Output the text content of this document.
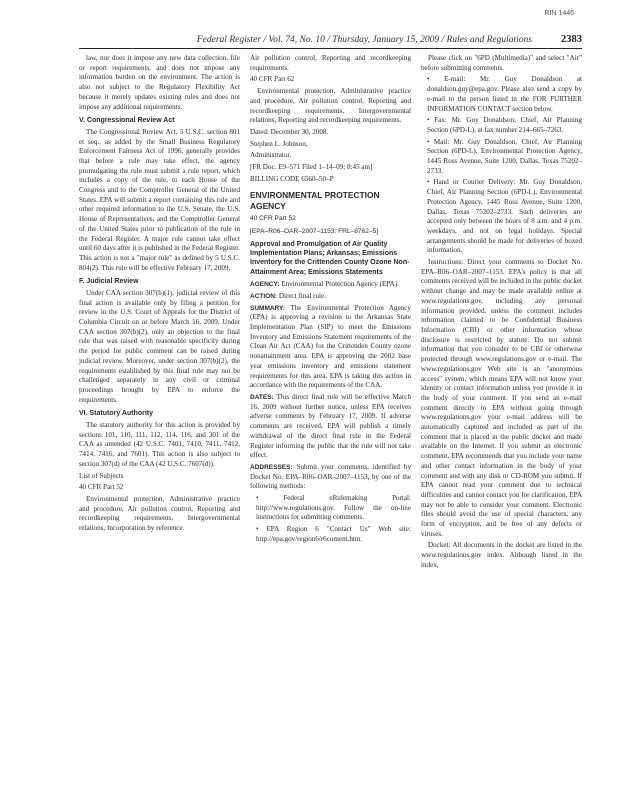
RIN 1446
Federal Register / Vol. 74, No. 10 / Thursday, January 15, 2009 / Rules and Regulations	2383
law, nor does it impose any new data collection, file or report requirements, and does not impose any information burden on the environment. The action is also not subject to the Regulatory Flexibility Act because it merely updates existing rules and does not impose any additional requirements.
V. Congressional Review Act
The Congressional Review Act, 5 U.S.C. section 801 et seq., as added by the Small Business Regulatory Enforcement Fairness Act of 1996, generally provides that before a rule may take effect, the agency promulgating the rule must submit a rule report, which includes a copy of the rule, to each House of the Congress and to the Comptroller General of the United States. EPA will submit a report containing this rule and other required information to the U.S. Senate, the U.S. House of Representatives, and the Comptroller General of the United States prior to publication of the rule in the Federal Register. A major rule cannot take effect until 60 days after it is published in the Federal Register. This action is not a "major rule" as defined by 5 U.S.C. 804(2). This rule will be effective February 17, 2009.
F. Judicial Review
Under CAA section 307(b)(1), judicial review of this final action is available only by filing a petition for review in the U.S. Court of Appeals for the District of Columbia Circuit on or before March 16, 2009. Under CAA section 307(b)(2), only an objection to the final rule that was raised with reasonable specificity during the period for public comment can be raised during judicial review. Moreover, under section 307(b)(2), the requirements established by this final rule may not be challenged separately in any civil or criminal proceedings brought by EPA to enforce the requirements.
VI. Statutory Authority
The statutory authority for this action is provided by sections 101, 110, 111, 112, 114, 116, and 301 of the CAA as amended (42 U.S.C. 7401, 7410, 7411, 7412, 7414, 7416, and 7601). This action is also subject to section 307(d) of the CAA (42 U.S.C. 7607(d)).
List of Subjects
40 CFR Part 52
Environmental protection, Administrative practice and procedure, Air pollution control, Reporting and recordkeeping requirements, Intergovernmental relations, Incorporation by reference.
Air pollution control, Reporting and recordkeeping requirements.
40 CFR Part 62
Environmental protection, Administrative practice and procedure, Air pollution control, Reporting and recordkeeping requirements, Intergovernmental relations, Reporting and recordkeeping requirements.
Dated: December 30, 2008.
Stephen L. Johnson,
Administrator.
[FR Doc. E9–571 Filed 1–14–09; 8:45 am]
BILLING CODE 6560–50–P
ENVIRONMENTAL PROTECTION AGENCY
40 CFR Part 52
[EPA–R06–OAR–2007–1153; FRL–8762–5]
Approval and Promulgation of Air Quality Implementation Plans; Arkansas; Emissions Inventory for the Crittenden County Ozone Non-Attainment Area; Emissions Statements
AGENCY: Environmental Protection Agency (EPA).
ACTION: Direct final rule.
SUMMARY: The Environmental Protection Agency (EPA) is approving a revision to the Arkansas State Implementation Plan (SIP) to meet the Emissions Inventory and Emissions Statement requirements of the Clean Air Act (CAA) for the Crittenden County ozone nonattainment area. EPA is approving the 2002 base year emissions inventory and emissions statement requirements for this area. EPA is taking this action in accordance with the requirements of the CAA.
DATES: This direct final rule will be effective March 16, 2009 without further notice, unless EPA receives adverse comments by February 17, 2009. If adverse comments are received, EPA will publish a timely withdrawal of the direct final rule in the Federal Register informing the public that the rule will not take effect.
ADDRESSES: Submit your comments, identified by Docket No. EPA–R06–OAR–2007–1153, by one of the following methods:
• Federal eRulemaking Portal: http://www.regulations.gov. Follow the on-line instructions for submitting comments.
• EPA Region 6 "Contact Us" Web site: http://epa.gov/region6/r6coment.htm.
Please click on "6PD (Multimedia)" and select "Air" before submitting comments.
• E-mail: Mr. Guy Donaldson at donaldson.guy@epa.gov. Please also send a copy by e-mail to the person listed in the FOR FURTHER INFORMATION CONTACT section below.
• Fax: Mr. Guy Donaldson, Chief, Air Planning Section (6PD-L), at fax number 214–665–7263.
• Mail: Mr. Guy Donaldson, Chief, Air Planning Section (6PD-L), Environmental Protection Agency, 1445 Ross Avenue, Suite 1200, Dallas, Texas 75202–2733.
• Hand or Courier Delivery: Mr. Guy Donaldson, Chief, Air Planning Section (6PD-L), Environmental Protection Agency, 1445 Ross Avenue, Suite 1200, Dallas, Texas 75202–2733. Such deliveries are accepted only between the hours of 8 a.m. and 4 p.m. weekdays, and not on legal holidays. Special arrangements should be made for deliveries of boxed information.
Instructions: Direct your comments to Docket No. EPA–R06–OAR–2007–1153. EPA's policy is that all comments received will be included in the public docket without change and may be made available online at www.regulations.gov, including any personal information provided, unless the comment includes information claimed to be Confidential Business Information (CBI) or other information whose disclosure is restricted by statute. Do not submit information that you consider to be CBI or otherwise protected through www.regulations.gov or e-mail. The www.regulations.gov Web site is an "anonymous access" system, which means EPA will not know your identity or contact information unless you provide it in the body of your comment. If you send an e-mail comment directly to EPA without going through www.regulations.gov your e-mail address will be automatically captured and included as part of the comment that is placed in the public docket and made available on the Internet. If you submit an electronic comment, EPA recommends that you include your name and other contact information in the body of your comment and with any disk or CD-ROM you submit. If EPA cannot read your comment due to technical difficulties and cannot contact you for clarification, EPA may not be able to consider your comment. Electronic files should avoid the use of special characters, any form of encryption, and be free of any defects or viruses.
Docket: All documents in the docket are listed in the www.regulations.gov index. Although listed in the index,
